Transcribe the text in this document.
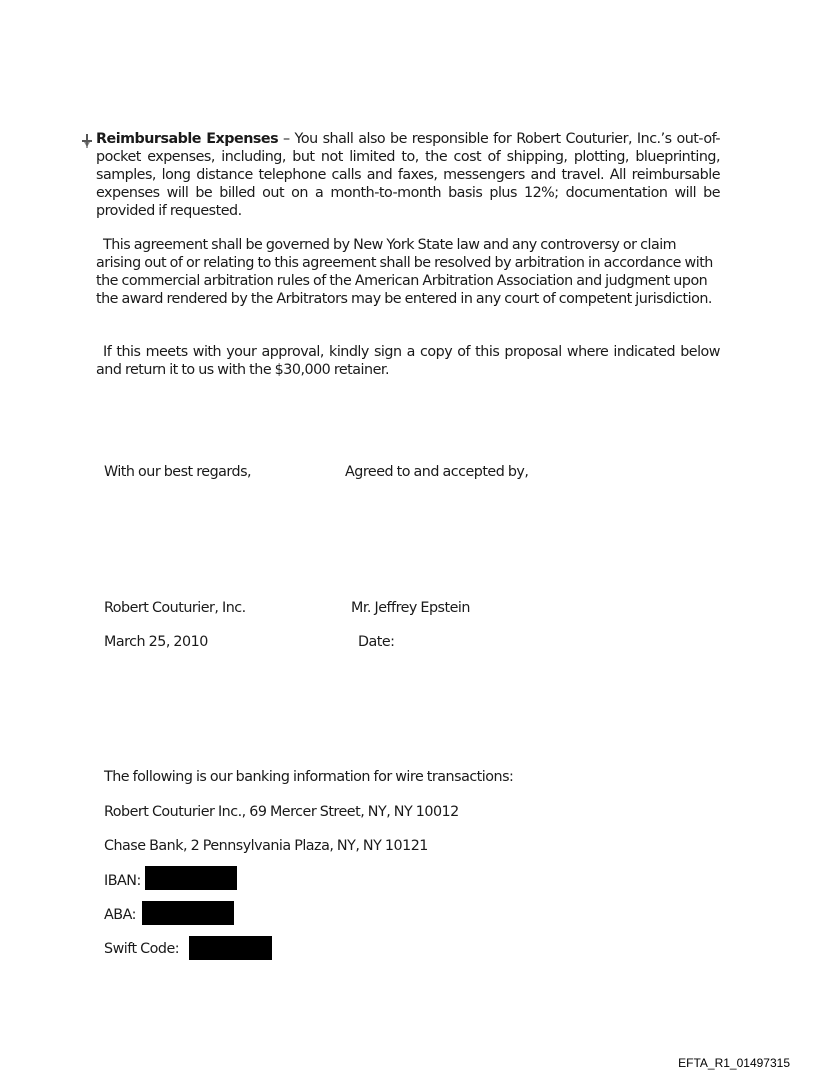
Reimbursable Expenses – You shall also be responsible for Robert Couturier, Inc.’s out-of-pocket expenses, including, but not limited to, the cost of shipping, plotting, blueprinting, samples, long distance telephone calls and faxes, messengers and travel. All reimbursable expenses will be billed out on a month-to-month basis plus 12%; documentation will be provided if requested.

This agreement shall be governed by New York State law and any controversy or claim arising out of or relating to this agreement shall be resolved by arbitration in accordance with the commercial arbitration rules of the American Arbitration Association and judgment upon the award rendered by the Arbitrators may be entered in any court of competent jurisdiction.

If this meets with your approval, kindly sign a copy of this proposal where indicated below and return it to us with the $30,000 retainer.

With our best regards,	Agreed to and accepted by,

Robert Couturier, Inc.	Mr. Jeffrey Epstein

March 25, 2010	Date:

The following is our banking information for wire transactions:

Robert Couturier Inc., 69 Mercer Street, NY, NY 10012

Chase Bank, 2 Pennsylvania Plaza, NY, NY 10121

IBAN:

ABA:

Swift Code:

EFTA_R1_01497315
